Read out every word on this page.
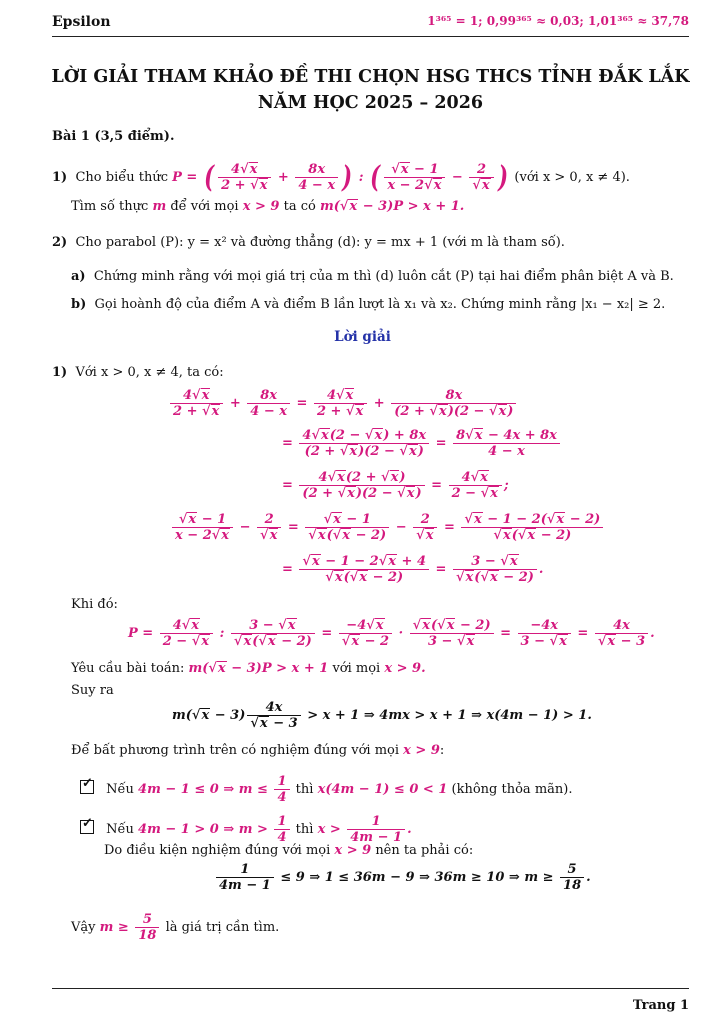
Epsilon	1³⁶⁵ = 1; 0,99³⁶⁵ ≈ 0,03; 1,01³⁶⁵ ≈ 37,78
LỜI GIẢI THAM KHẢO ĐỀ THI CHỌN HSG THCS TỈNH ĐẮK LẮK
NĂM HỌC 2025 – 2026
Bài 1 (3,5 điểm).
1) Cho biểu thức P = ( $\frac{4√x}{2 + √x} + \frac{8x}{4 - x}$ ) : ( $\frac{√x - 1}{x - 2√x} - \frac{2}{√x}$ ) (với x > 0, x ≠ 4).
Tìm số thực m để với mọi x > 9 ta có m(√x − 3)P > x + 1.
2) Cho parabol (P): y = x² và đường thẳng (d): y = mx + 1 (với m là tham số).
a) Chứng minh rằng với mọi giá trị của m thì (d) luôn cắt (P) tại hai điểm phân biệt A và B.
b) Gọi hoành độ của điểm A và điểm B lần lượt là x₁ và x₂. Chứng minh rằng |x₁ − x₂| ≥ 2.
Lời giải
1) Với x > 0, x ≠ 4, ta có:
$\frac{4√x}{2 + √x} + \frac{8x}{4 - x} = \frac{4√x}{2 + √x} + \frac{8x}{(2 + √x)(2 - √x)}$
= $\frac{4√x(2 - √x) + 8x}{(2 + √x)(2 - √x)} = \frac{8√x - 4x + 8x}{4 - x}$
= $\frac{4√x(2 + √x)}{(2 + √x)(2 - √x)} = \frac{4√x}{2 - √x}$ ;
$\frac{√x - 1}{x - 2√x} - \frac{2}{√x} = \frac{√x - 1}{√x(√x - 2)} - \frac{2}{√x} = \frac{√x - 1 - 2(√x - 2)}{√x(√x - 2)}$
= $\frac{√x - 1 - 2√x + 4}{√x(√x - 2)} = \frac{3 - √x}{√x(√x - 2)}$ .
Khi đó:
$P = \frac{4√x}{2 - √x}$ : $\frac{3 - √x}{√x(√x - 2)} = \frac{-4√x}{√x - 2} \cdot \frac{√x(√x - 2)}{3 - √x} = \frac{-4x}{3 - √x} = \frac{4x}{√x - 3}$ .
Yêu cầu bài toán: m(√x − 3)P > x + 1 với mọi x > 9.
Suy ra
$m(√x - 3) \frac{4x}{√x - 3} > x + 1$ ⇒ 4mx > x + 1 ⇒ x(4m − 1) > 1.
Để bất phương trình trên có nghiệm đúng với mọi x > 9:
✓ Nếu 4m − 1 ≤ 0 ⇒ $m \le \frac{1}{4}$ thì x(4m − 1) ≤ 0 < 1 (không thỏa mãn).
✓ Nếu 4m − 1 > 0 ⇒ $m > \frac{1}{4}$ thì $x > \frac{1}{4m - 1}$ .
Do điều kiện nghiệm đúng với mọi x > 9 nên ta phải có:
$\frac{1}{4m - 1} \le 9$ ⇒ 1 ≤ 36m − 9 ⇒ 36m ≥ 10 ⇒ $m \ge \frac{5}{18}$ .
Vậy $m \ge \frac{5}{18}$ là giá trị cần tìm.
Trang 1
